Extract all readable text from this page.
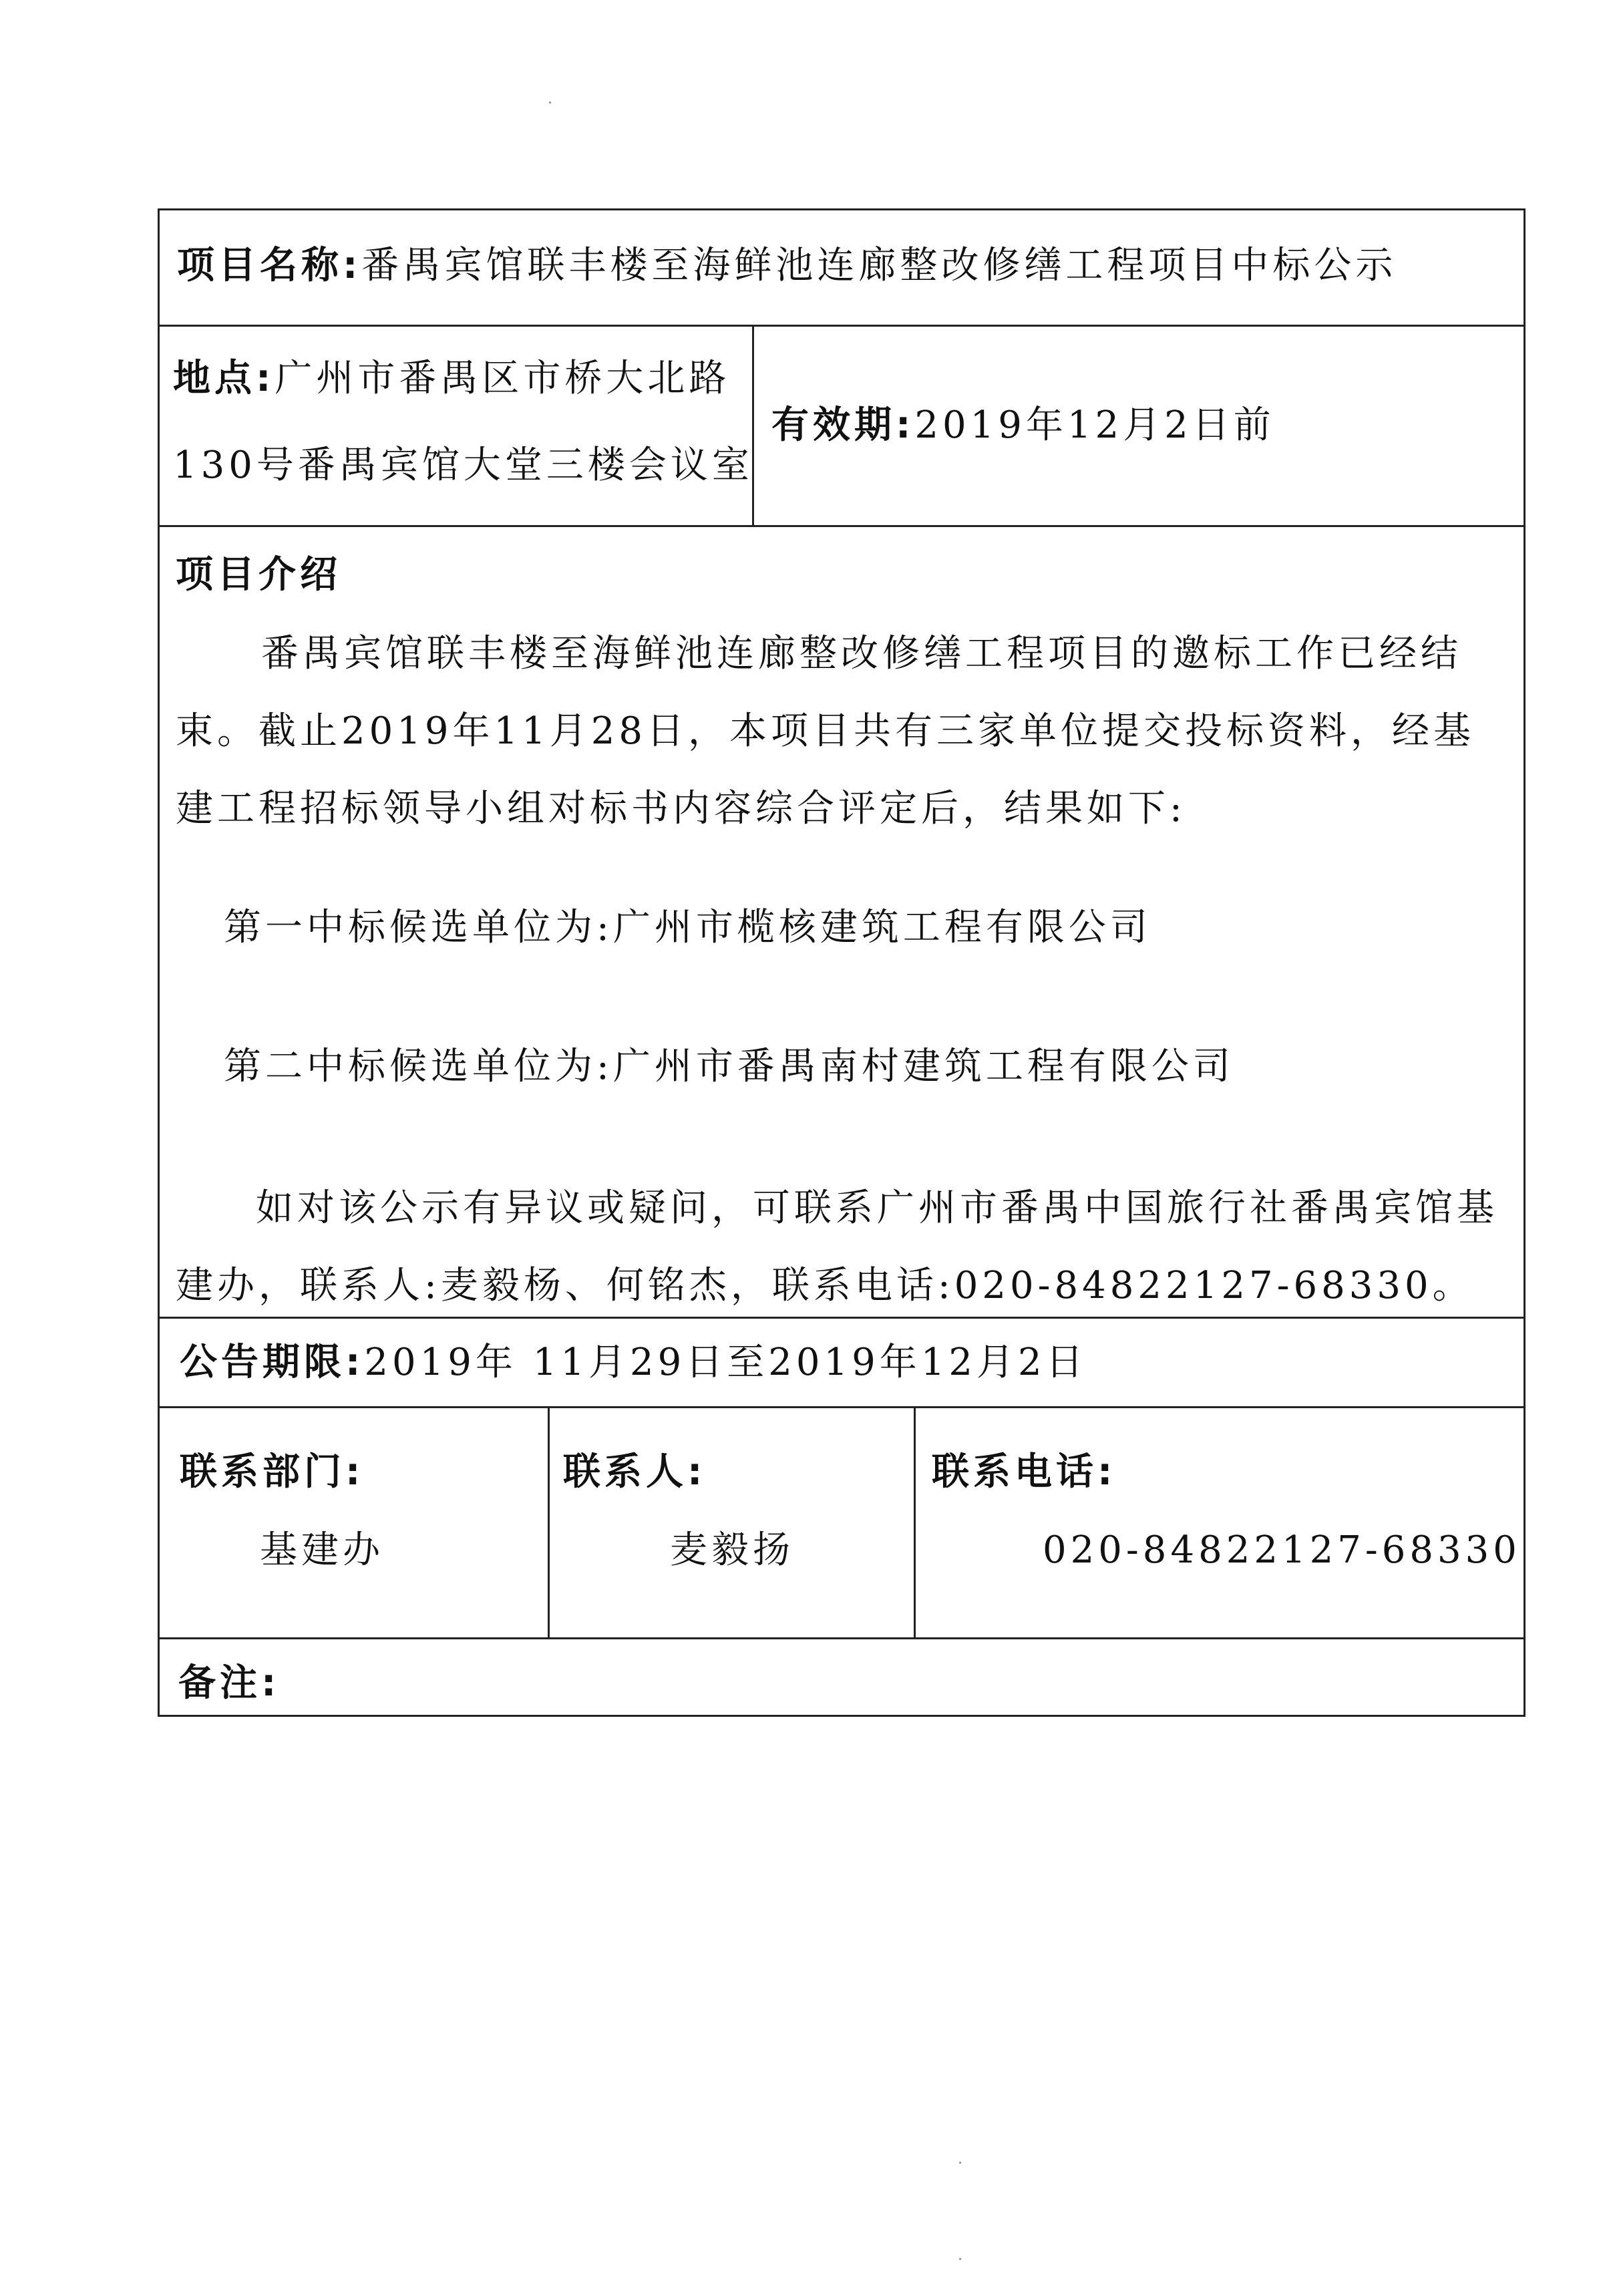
项目名称:番禺宾馆联丰楼至海鲜池连廊整改修缮工程项目中标公示
地点:广州市番禺区市桥大北路
130号番禺宾馆大堂三楼会议室
有效期:2019年12月2日前
项目介绍
番禺宾馆联丰楼至海鲜池连廊整改修缮工程项目的邀标工作已经结束。截止2019年11月28日，本项目共有三家单位提交投标资料，经基建工程招标领导小组对标书内容综合评定后，结果如下:
第一中标候选单位为:广州市榄核建筑工程有限公司
第二中标候选单位为:广州市番禺南村建筑工程有限公司
如对该公示有异议或疑问，可联系广州市番禺中国旅行社番禺宾馆基建办，联系人:麦毅杨、何铭杰，联系电话:020-84822127-68330。
公告期限:2019年 11月29日至2019年12月2日
联系部门:
基建办
联系人:
麦毅扬
联系电话:
020-84822127-68330
备注:
